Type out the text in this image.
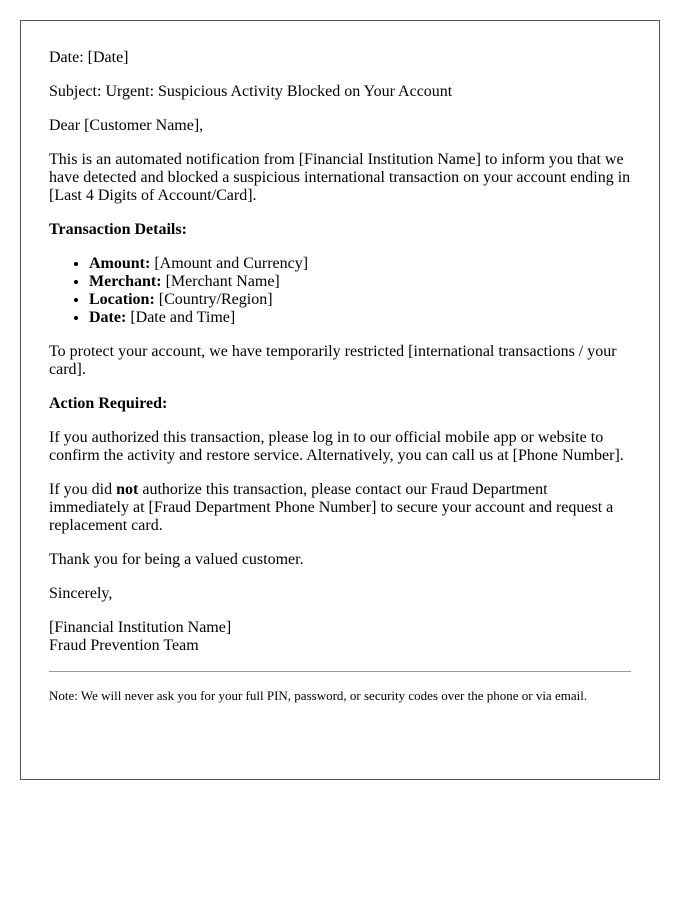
Date: [Date]

Subject: Urgent: Suspicious Activity Blocked on Your Account

Dear [Customer Name],

This is an automated notification from [Financial Institution Name] to inform you that we have detected and blocked a suspicious international transaction on your account ending in [Last 4 Digits of Account/Card].

Transaction Details:

• Amount: [Amount and Currency]
• Merchant: [Merchant Name]
• Location: [Country/Region]
• Date: [Date and Time]

To protect your account, we have temporarily restricted [international transactions / your card].

Action Required:

If you authorized this transaction, please log in to our official mobile app or website to confirm the activity and restore service. Alternatively, you can call us at [Phone Number].

If you did not authorize this transaction, please contact our Fraud Department immediately at [Fraud Department Phone Number] to secure your account and request a replacement card.

Thank you for being a valued customer.

Sincerely,

[Financial Institution Name]
Fraud Prevention Team

Note: We will never ask you for your full PIN, password, or security codes over the phone or via email.
